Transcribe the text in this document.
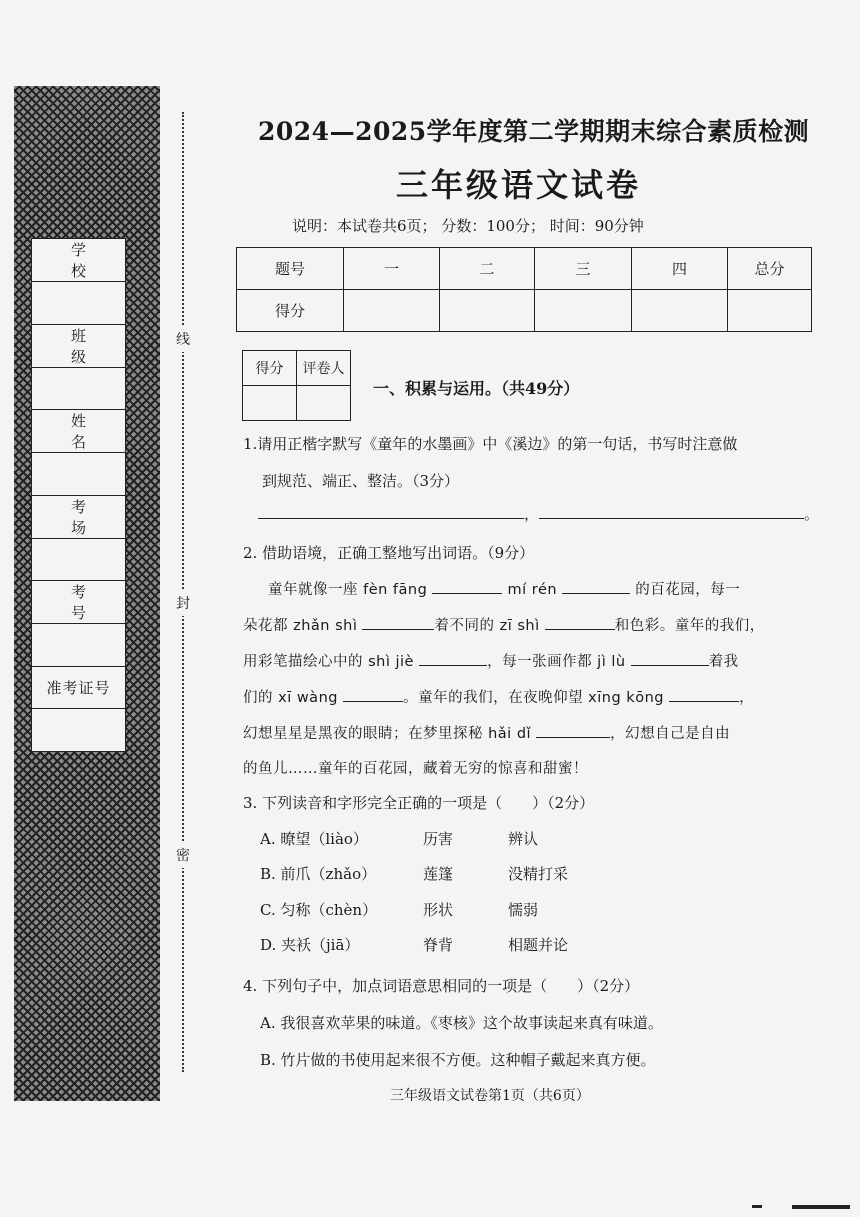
学　校

班　级

姓　名

考　场

考　号

准考证号

线
封
密
2024—2025学年度第二学期期末综合素质检测
三年级语文试卷
说明：本试卷共6页； 分数：100分； 时间：90分钟
题号	一	二	三	四	总分
得分					
得分	评卷人

一、积累与运用。（共49分）
1.请用正楷字默写《童年的水墨画》中《溪边》的第一句话，书写时注意做
到规范、端正、整洁。（3分）
，	。
2. 借助语境，正确工整地写出词语。（9分）
童年就像一座 fèn fāng	mí rén	的百花园，每一
朵花都 zhǎn shì	着不同的 zī shì	和色彩。童年的我们，
用彩笔描绘心中的 shì jiè	，每一张画作都 jì lù	着我
们的 xī wàng	。童年的我们，在夜晚仰望 xīng kōng	，
幻想星星是黑夜的眼睛；在梦里探秘 hǎi dǐ	，幻想自己是自由
的鱼儿……童年的百花园，藏着无穷的惊喜和甜蜜！
3. 下列读音和字形完全正确的一项是（　　）（2分）
A. 暸望（liào）	历害	辨认
B. 前爪（zhǎo）	莲篷	没精打采
C. 匀称（chèn）	形状	懦弱
D. 夹袄（jiā）	脊背	相题并论
4. 下列句子中，加点词语意思相同的一项是（　　）（2分）
A. 我很喜欢苹果的味道。《枣核》这个故事读起来真有味道。
B. 竹片做的书使用起来很不方便。这种帽子戴起来真方便。
三年级语文试卷第1页（共6页）
